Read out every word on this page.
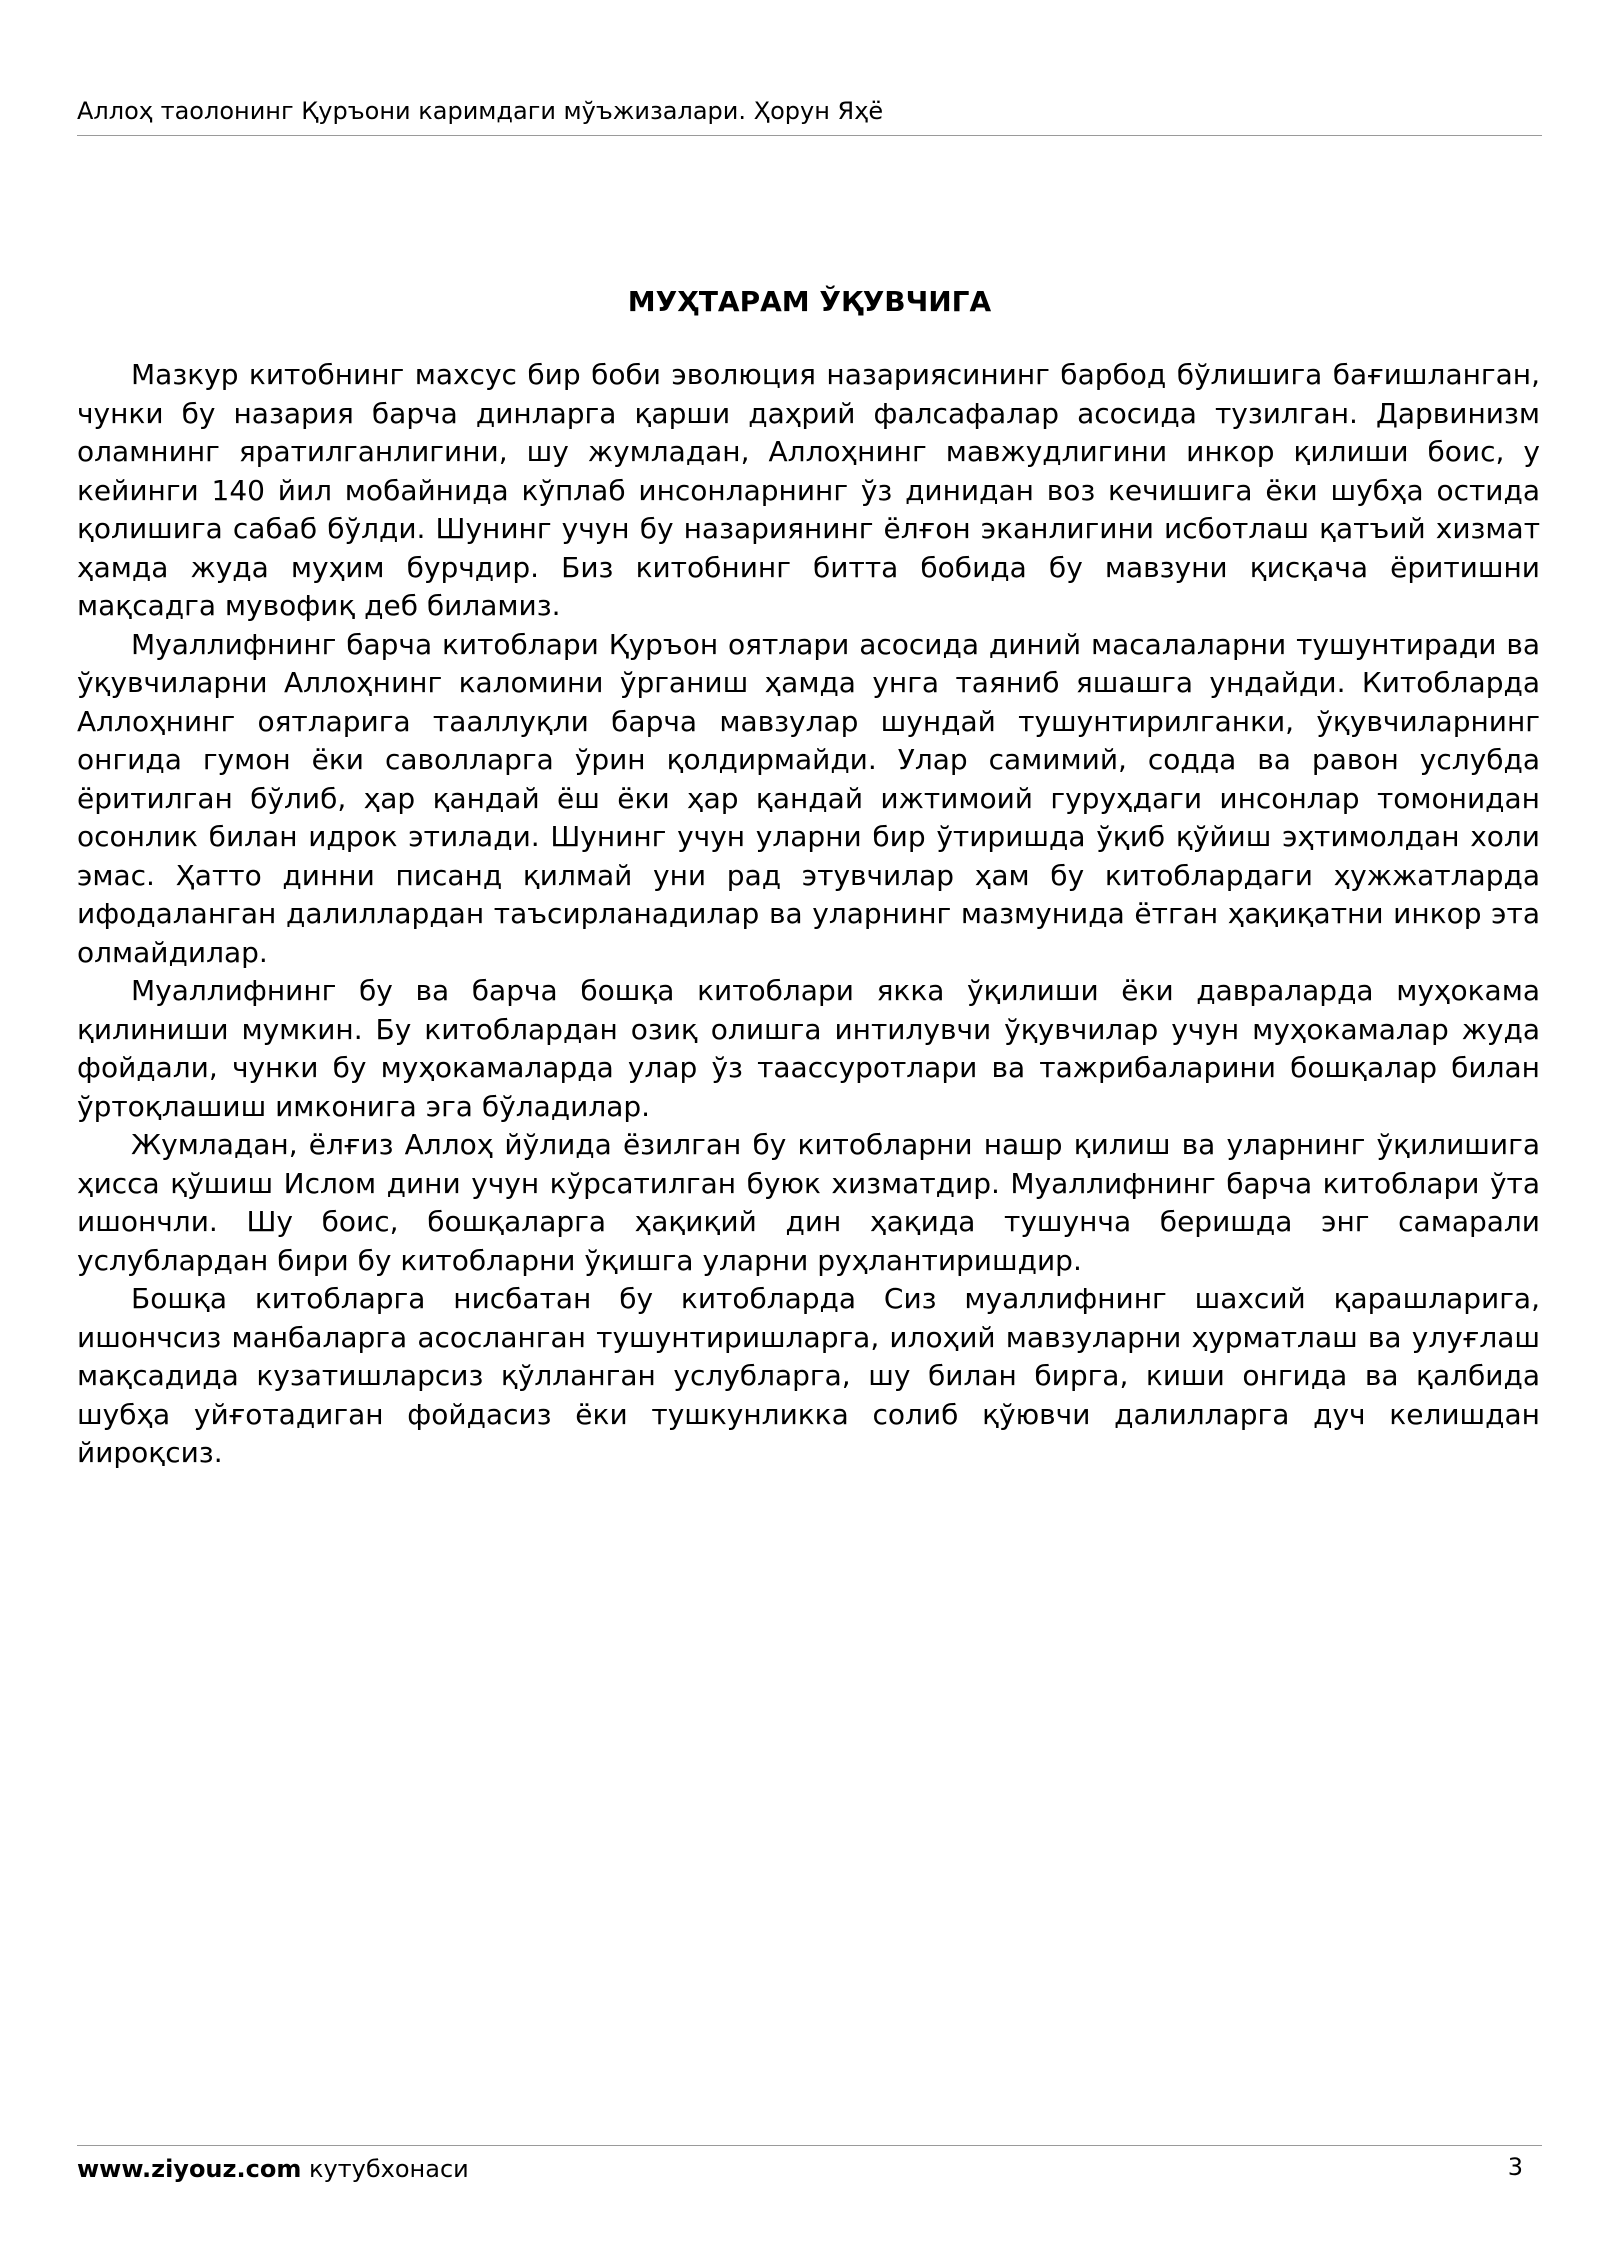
Аллоҳ таолонинг Қуръони каримдаги мўъжизалари. Ҳорун Яҳё
МУҲТАРАМ ЎҚУВЧИГА

Мазкур китобнинг махсус бир боби эволюция назариясининг барбод бўлишига бағишланган, чунки бу назария барча динларга қарши даҳрий фалсафалар асосида тузилган. Дарвинизм оламнинг яратилганлигини, шу жумладан, Аллоҳнинг мавжудлигини инкор қилиши боис, у кейинги 140 йил мобайнида кўплаб инсонларнинг ўз динидан воз кечишига ёки шубҳа остида қолишига сабаб бўлди. Шунинг учун бу назариянинг ёлғон эканлигини исботлаш қатъий хизмат ҳамда жуда муҳим бурчдир. Биз китобнинг битта бобида бу мавзуни қисқача ёритишни мақсадга мувофиқ деб биламиз.

Муаллифнинг барча китоблари Қуръон оятлари асосида диний масалаларни тушунтиради ва ўқувчиларни Аллоҳнинг каломини ўрганиш ҳамда унга таяниб яшашга ундайди. Китобларда Аллоҳнинг оятларига тааллуқли барча мавзулар шундай тушунтирилганки, ўқувчиларнинг онгида гумон ёки саволларга ўрин қолдирмайди. Улар самимий, содда ва равон услубда ёритилган бўлиб, ҳар қандай ёш ёки ҳар қандай ижтимоий гуруҳдаги инсонлар томонидан осонлик билан идрок этилади. Шунинг учун уларни бир ўтиришда ўқиб қўйиш эҳтимолдан холи эмас. Ҳатто динни писанд қилмай уни рад этувчилар ҳам бу китоблардаги ҳужжатларда ифодаланган далиллардан таъсирланадилар ва уларнинг мазмунида ётган ҳақиқатни инкор эта олмайдилар.

Муаллифнинг бу ва барча бошқа китоблари якка ўқилиши ёки давраларда муҳокама қилиниши мумкин. Бу китоблардан озиқ олишга интилувчи ўқувчилар учун муҳокамалар жуда фойдали, чунки бу муҳокамаларда улар ўз таассуротлари ва тажрибаларини бошқалар билан ўртоқлашиш имконига эга бўладилар.

Жумладан, ёлғиз Аллоҳ йўлида ёзилган бу китобларни нашр қилиш ва уларнинг ўқилишига ҳисса қўшиш Ислом дини учун кўрсатилган буюк хизматдир. Муаллифнинг барча китоблари ўта ишончли. Шу боис, бошқаларга ҳақиқий дин ҳақида тушунча беришда энг самарали услублардан бири бу китобларни ўқишга уларни руҳлантиришдир.

Бошқа китобларга нисбатан бу китобларда Сиз муаллифнинг шахсий қарашларига, ишончсиз манбаларга асосланган тушунтиришларга, илоҳий мавзуларни ҳурматлаш ва улуғлаш мақсадида кузатишларсиз қўлланган услубларга, шу билан бирга, киши онгида ва қалбида шубҳа уйғотадиган фойдасиз ёки тушкунликка солиб қўювчи далилларга дуч келишдан йироқсиз.

www.ziyouz.com кутубхонаси	3
